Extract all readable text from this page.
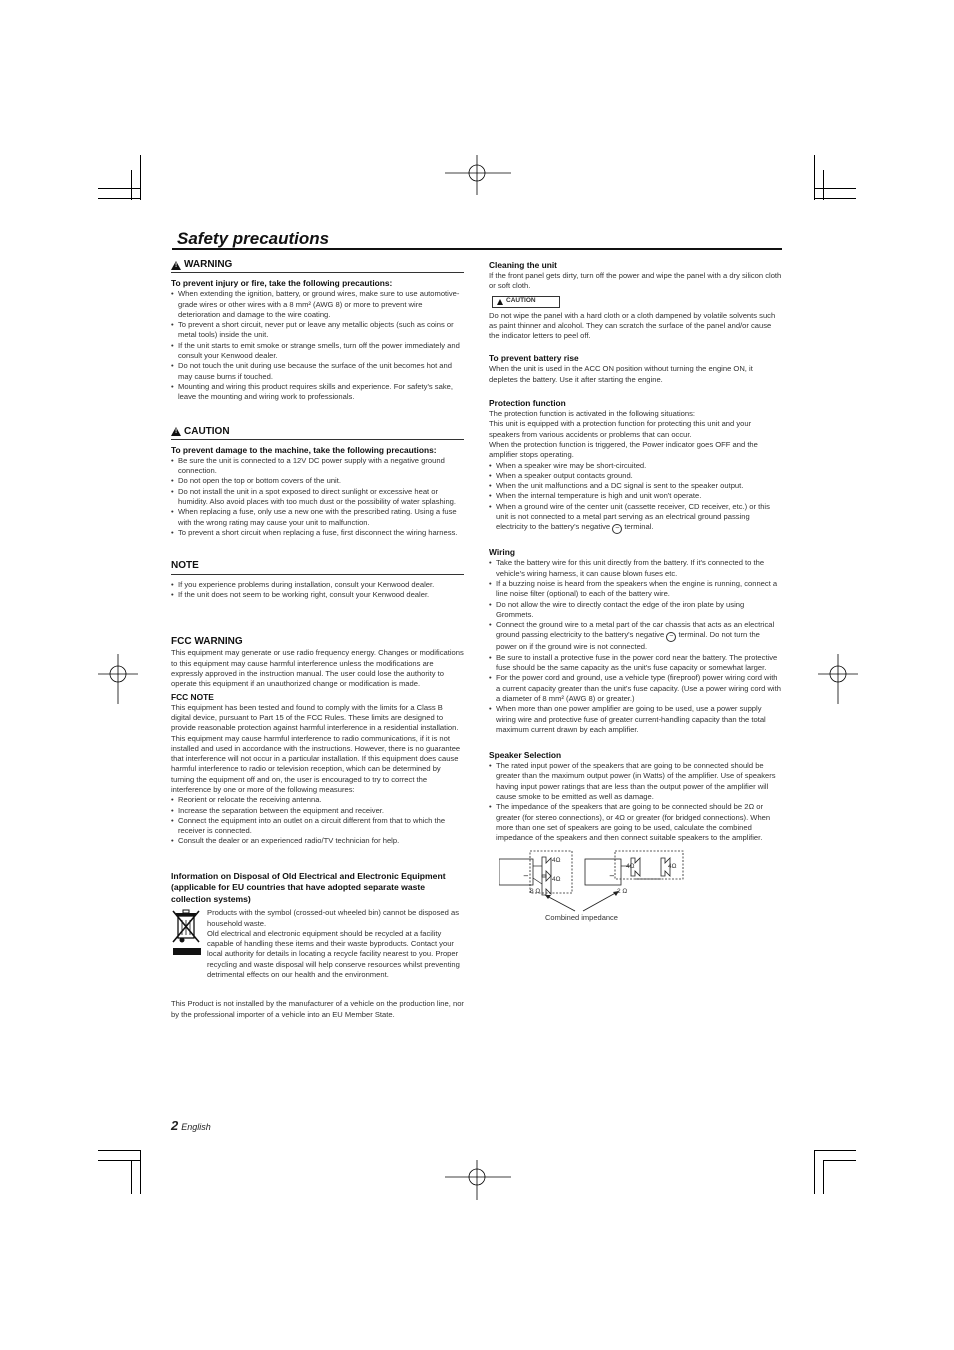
Safety precautions
! WARNING

To prevent injury or fire, take the following precautions:

• When extending the ignition, battery, or ground wires, make sure to use automotive-grade wires or other wires with a 8 mm² (AWG 8) or more to prevent wire deterioration and damage to the wire coating.
• To prevent a short circuit, never put or leave any metallic objects (such as coins or metal tools) inside the unit.
• If the unit starts to emit smoke or strange smells, turn off the power immediately and consult your Kenwood dealer.
• Do not touch the unit during use because the surface of the unit becomes hot and may cause burns if touched.
• Mounting and wiring this product requires skills and experience. For safety's sake, leave the mounting and wiring work to professionals.
! CAUTION

To prevent damage to the machine, take the following precautions:

• Be sure the unit is connected to a 12V DC power supply with a negative ground connection.
• Do not open the top or bottom covers of the unit.
• Do not install the unit in a spot exposed to direct sunlight or excessive heat or humidity. Also avoid places with too much dust or the possibility of water splashing.
• When replacing a fuse, only use a new one with the prescribed rating. Using a fuse with the wrong rating may cause your unit to malfunction.
• To prevent a short circuit when replacing a fuse, first disconnect the wiring harness.
NOTE
• If you experience problems during installation, consult your Kenwood dealer.
• If the unit does not seem to be working right, consult your Kenwood dealer.

FCC WARNING

This equipment may generate or use radio frequency energy. Changes or modifications to this equipment may cause harmful interference unless the modifications are expressly approved in the instruction manual. The user could lose the authority to operate this equipment if an unauthorized change or modification is made.

FCC NOTE

This equipment has been tested and found to comply with the limits for a Class B digital device, pursuant to Part 15 of the FCC Rules. These limits are designed to provide reasonable protection against harmful interference in a residential installation. This equipment may cause harmful interference to radio communications, if it is not installed and used in accordance with the instructions. However, there is no guarantee that interference will not occur in a particular installation. If this equipment does cause harmful interference to radio or television reception, which can be determined by turning the equipment off and on, the user is encouraged to try to correct the interference by one or more of the following measures:

• Reorient or relocate the receiving antenna.
• Increase the separation between the equipment and receiver.
• Connect the equipment into an outlet on a circuit different from that to which the receiver is connected.
• Consult the dealer or an experienced radio/TV technician for help.

Information on Disposal of Old Electrical and Electronic Equipment (applicable for EU countries that have adopted separate waste collection systems)

Products with the symbol (crossed-out wheeled bin) cannot be disposed as household waste.

Old electrical and electronic equipment should be recycled at a facility capable of handling these items and their waste byproducts. Contact your local authority for details in locating a recycle facility nearest to you. Proper recycling and waste disposal will help conserve resources whilst preventing detrimental effects on our health and the environment.

This Product is not installed by the manufacturer of a vehicle on the production line, nor by the professional importer of a vehicle into an EU Member State.

Cleaning the unit

If the front panel gets dirty, turn off the power and wipe the panel with a dry silicon cloth or soft cloth.

CAUTION

Do not wipe the panel with a hard cloth or a cloth dampened by volatile solvents such as paint thinner and alcohol. They can scratch the surface of the panel and/or cause the indicator letters to peel off.

To prevent battery rise

When the unit is used in the ACC ON position without turning the engine ON, it depletes the battery. Use it after starting the engine.

Protection function

The protection function is activated in the following situations:

This unit is equipped with a protection function for protecting this unit and your speakers from various accidents or problems that can occur.

When the protection function is triggered, the Power indicator goes OFF and the amplifier stops operating.

• When a speaker wire may be short-circuited.
• When a speaker output contacts ground.
• When the unit malfunctions and a DC signal is sent to the speaker output.
• When the internal temperature is high and unit won't operate.
• When a ground wire of the center unit (cassette receiver, CD receiver, etc.) or this unit is not connected to a metal part serving as an electrical ground passing electricity to the battery's negative − terminal.

Wiring

• Take the battery wire for this unit directly from the battery. If it's connected to the vehicle's wiring harness, it can cause blown fuses etc.
• If a buzzing noise is heard from the speakers when the engine is running, connect a line noise filter (optional) to each of the battery wire.
• Do not allow the wire to directly contact the edge of the iron plate by using Grommets.
• Connect the ground wire to a metal part of the car chassis that acts as an electrical ground passing electricity to the battery's negative − terminal. Do not turn the power on if the ground wire is not connected.
• Be sure to install a protective fuse in the power cord near the battery. The protective fuse should be the same capacity as the unit's fuse capacity or somewhat larger.
• For the power cord and ground, use a vehicle type (fireproof) power wiring cord with a current capacity greater than the unit's fuse capacity. (Use a power wiring cord with a diameter of 8 mm² (AWG 8) or greater.)
• When more than one power amplifier are going to be used, use a power supply wiring wire and protective fuse of greater current-handling capacity than the total maximum current drawn by each amplifier.

Speaker Selection

• The rated input power of the speakers that are going to be connected should be greater than the maximum output power (in Watts) of the amplifier. Use of speakers having input power ratings that are less than the output power of the amplifier will cause smoke to be emitted as well as damage.
• The impedance of the speakers that are going to be connected should be 2Ω or greater (for stereo connections), or 4Ω or greater (for bridged connections). When more than one set of speakers are going to be used, calculate the combined impedance of the speakers and then connect suitable speakers to the amplifier.
−	−
4Ω
4Ω
8 Ω
4Ω	4Ω
2 Ω
Combined impedance
2 English
